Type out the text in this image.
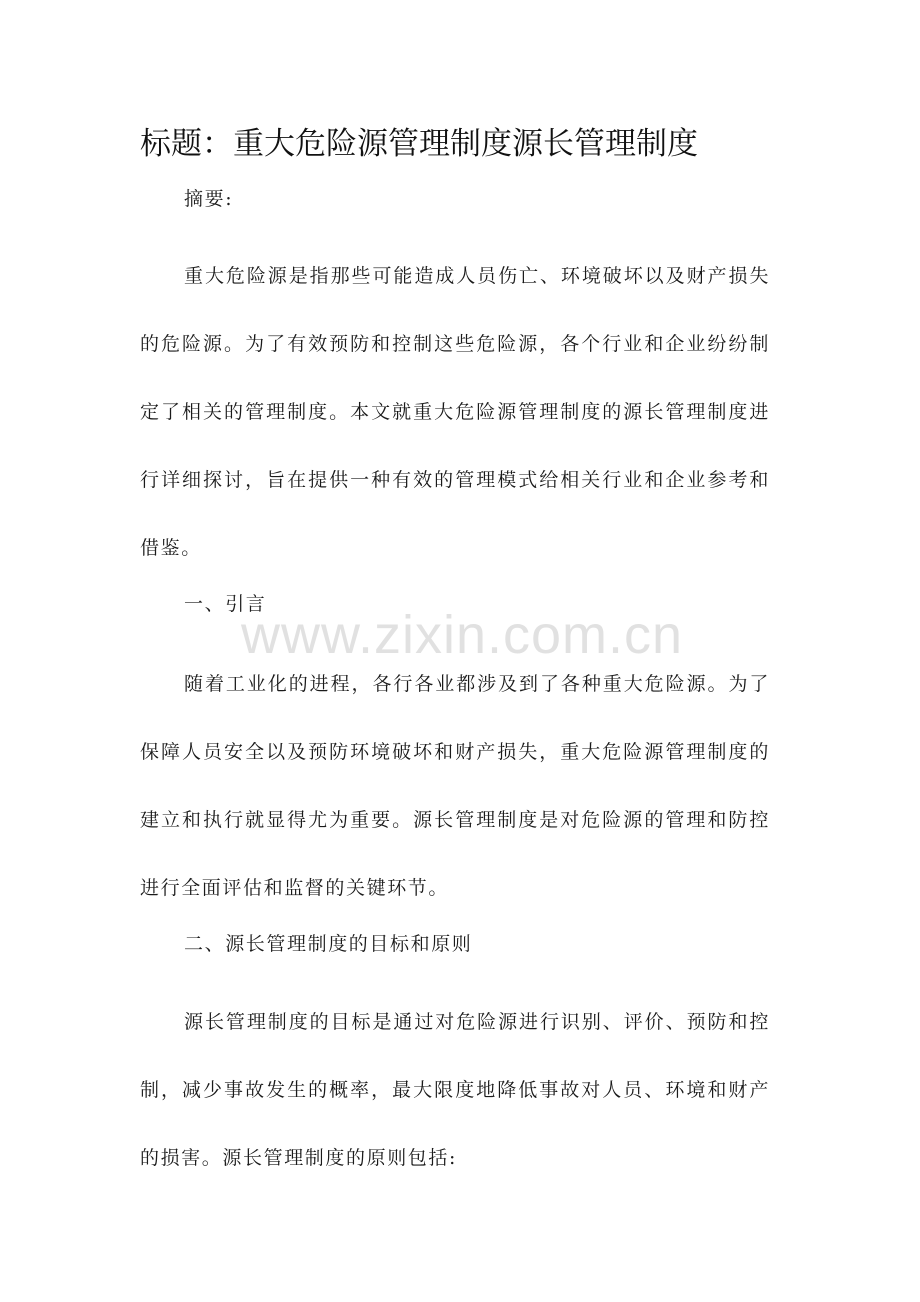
标题：重大危险源管理制度源长管理制度

摘要:

重大危险源是指那些可能造成人员伤亡、环境破坏以及财产损失的危险源。为了有效预防和控制这些危险源，各个行业和企业纷纷制定了相关的管理制度。本文就重大危险源管理制度的源长管理制度进行详细探讨，旨在提供一种有效的管理模式给相关行业和企业参考和借鉴。

一、引言

随着工业化的进程，各行各业都涉及到了各种重大危险源。为了保障人员安全以及预防环境破坏和财产损失，重大危险源管理制度的建立和执行就显得尤为重要。源长管理制度是对危险源的管理和防控进行全面评估和监督的关键环节。

二、源长管理制度的目标和原则

源长管理制度的目标是通过对危险源进行识别、评价、预防和控制，减少事故发生的概率，最大限度地降低事故对人员、环境和财产的损害。源长管理制度的原则包括:

www.zixin.com.cn
